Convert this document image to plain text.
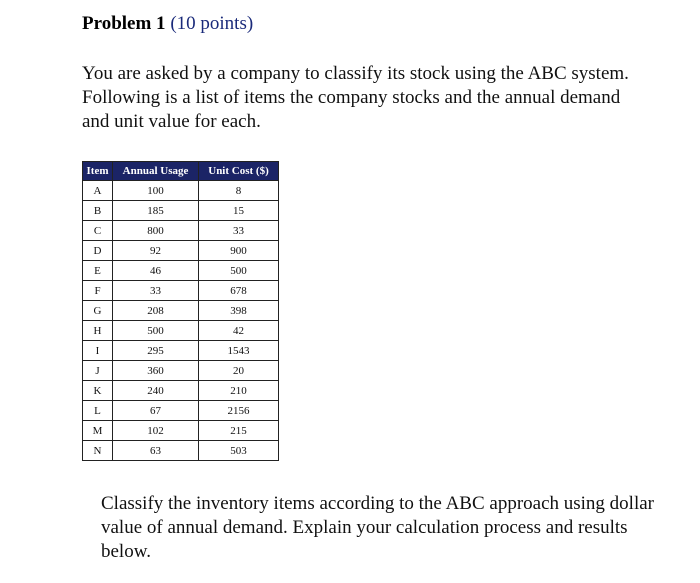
Problem 1 (10 points)

You are asked by a company to classify its stock using the ABC system. Following is a list of items the company stocks and the annual demand and unit value for each.

Item	Annual Usage	Unit Cost ($)
A	100	8
B	185	15
C	800	33
D	92	900
E	46	500
F	33	678
G	208	398
H	500	42
I	295	1543
J	360	20
K	240	210
L	67	2156
M	102	215
N	63	503

Classify the inventory items according to the ABC approach using dollar value of annual demand. Explain your calculation process and results below.
